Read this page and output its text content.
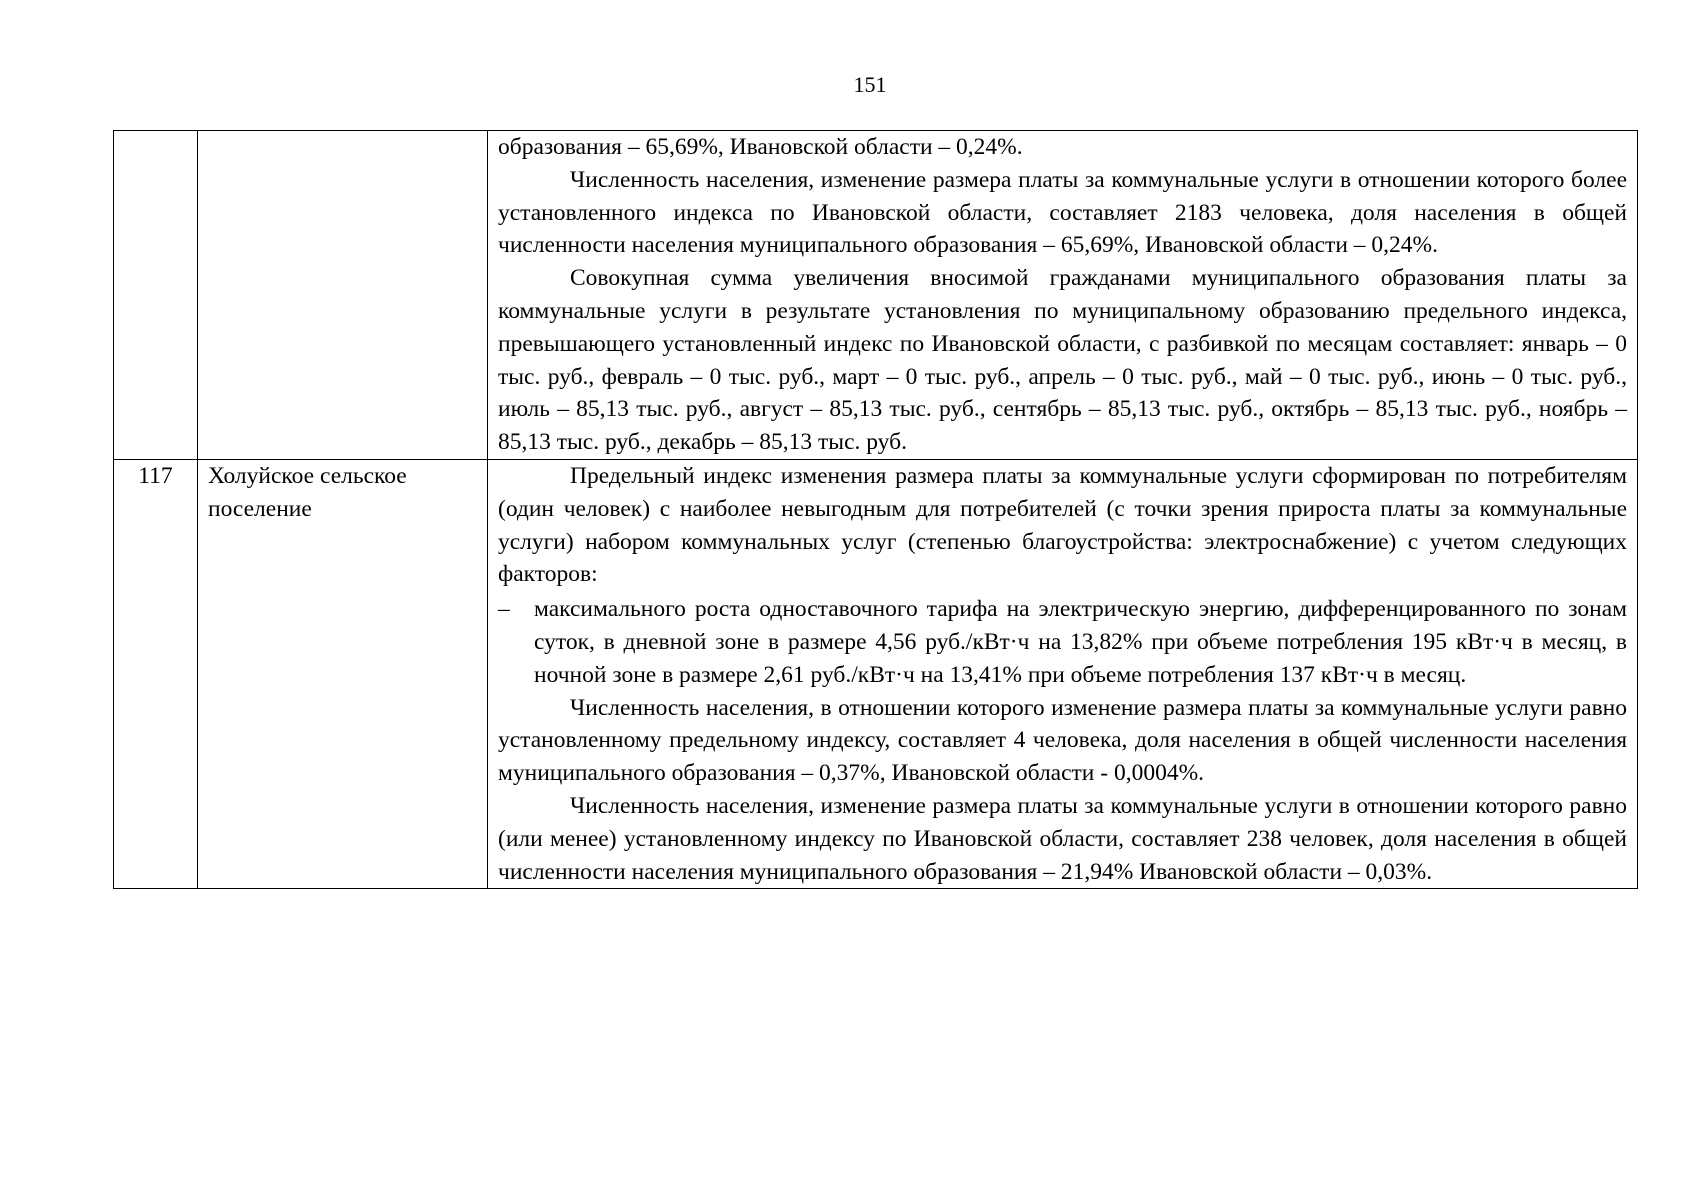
151

		образования – 65,69%, Ивановской области – 0,24%.

Численность населения, изменение размера платы за коммунальные услуги в отношении которого более установленного индекса по Ивановской области, составляет 2183 человека, доля населения в общей численности населения муниципального образования – 65,69%, Ивановской области – 0,24%.

Совокупная сумма увеличения вносимой гражданами муниципального образования платы за коммунальные услуги в результате установления по муниципальному образованию предельного индекса, превышающего установленный индекс по Ивановской области, с разбивкой по месяцам составляет: январь – 0 тыс. руб., февраль – 0 тыс. руб., март – 0 тыс. руб., апрель – 0 тыс. руб., май – 0 тыс. руб., июнь – 0 тыс. руб., июль – 85,13 тыс. руб., август – 85,13 тыс. руб., сентябрь – 85,13 тыс. руб., октябрь – 85,13 тыс. руб., ноябрь – 85,13 тыс. руб., декабрь – 85,13 тыс. руб.

117	Холуйское сельское поселение	Предельный индекс изменения размера платы за коммунальные услуги сформирован по потребителям (один человек) с наиболее невыгодным для потребителей (с точки зрения прироста платы за коммунальные услуги) набором коммунальных услуг (степенью благоустройства: электроснабжение) с учетом следующих факторов:

– максимального роста одноставочного тарифа на электрическую энергию, дифференцированного по зонам суток, в дневной зоне в размере 4,56 руб./кВт·ч на 13,82% при объеме потребления 195 кВт·ч в месяц, в ночной зоне в размере 2,61 руб./кВт·ч на 13,41% при объеме потребления 137 кВт·ч в месяц.

Численность населения, в отношении которого изменение размера платы за коммунальные услуги равно установленному предельному индексу, составляет 4 человека, доля населения в общей численности населения муниципального образования – 0,37%, Ивановской области - 0,0004%.

Численность населения, изменение размера платы за коммунальные услуги в отношении которого равно (или менее) установленному индексу по Ивановской области, составляет 238 человек, доля населения в общей численности населения муниципального образования – 21,94% Ивановской области – 0,03%.
